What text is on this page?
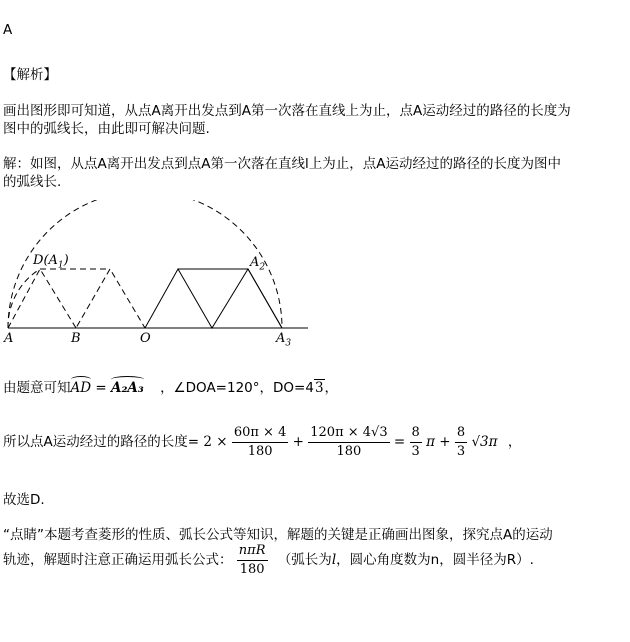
A
【解析】
画出图形即可知道，从点A离开出发点到A第一次落在直线上为止，点A运动经过的路径的长度为
图中的弧线长，由此即可解决问题.
解：如图，从点A离开出发点到点A第一次落在直线l上为止，点A运动经过的路径的长度为图中
的弧线长.
$D(A_1)$	$A_2$
A	B	O	$A_3$
由题意可知AD = A₂A₃ ，∠DOA=120°，DO=43，
所以点A运动经过的路径的长度= $2 \times \frac{60\pi \times 4}{180} + \frac{120\pi \times 4√3}{180} = \frac{8}{3}$ $\pi + \frac{8}{3} √3\pi$ ，
故选D.
“点睛”本题考查菱形的性质、弧长公式等知识，解题的关键是正确画出图象，探究点A的运动
轨迹，解题时注意正确运用弧长公式： $\frac{\text{nπR}}{180}$ （弧长为l，圆心角度数为n，圆半径为R）.
